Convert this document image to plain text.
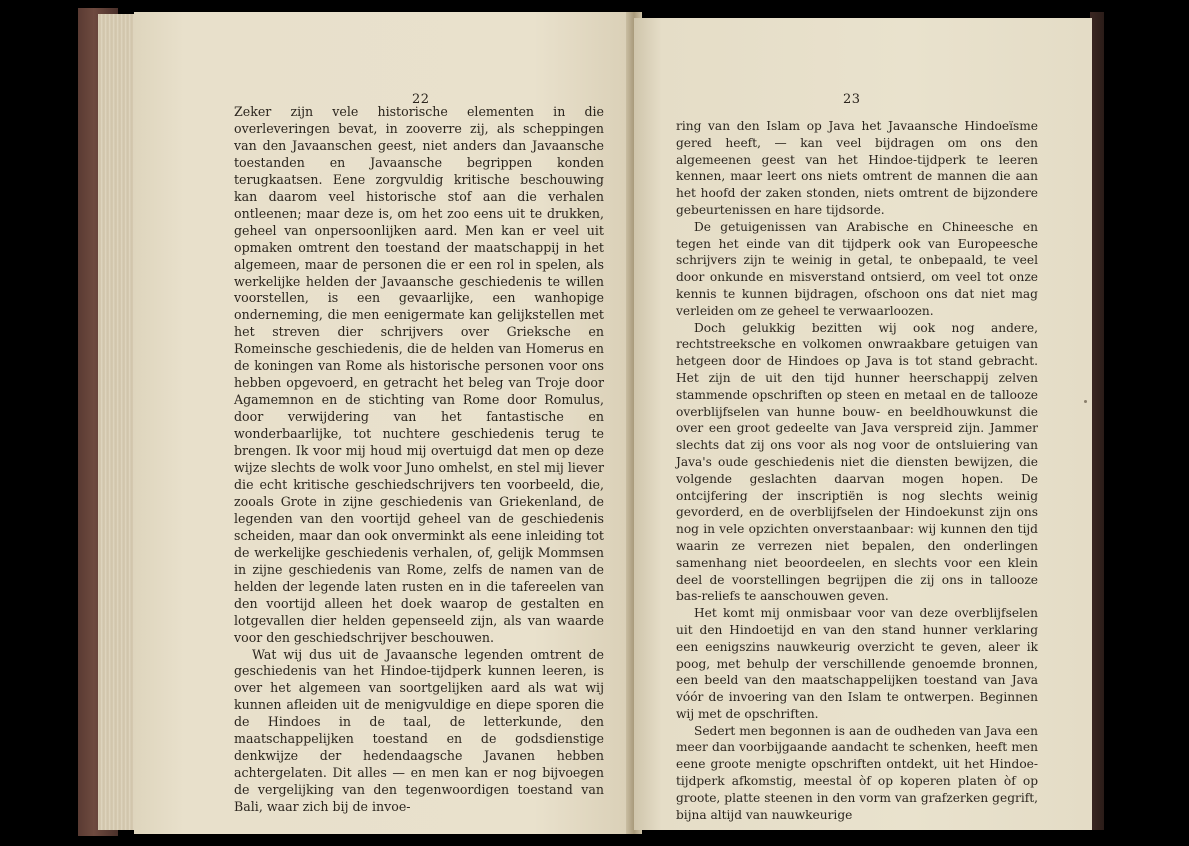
22

Zeker zijn vele historische elementen in die overleveringen bevat, in zooverre zij, als scheppingen van den Javaanschen geest, niet anders dan Javaansche toestanden en Javaansche begrippen konden terugkaatsen. Eene zorgvuldig kritische beschouwing kan daarom veel historische stof aan die verhalen ontleenen; maar deze is, om het zoo eens uit te drukken, geheel van onpersoonlijken aard. Men kan er veel uit opmaken omtrent den toestand der maatschappij in het algemeen, maar de personen die er een rol in spelen, als werkelijke helden der Javaansche geschiedenis te willen voorstellen, is een gevaarlijke, een wanhopige onderneming, die men eenigermate kan gelijkstellen met het streven dier schrijvers over Grieksche en Romeinsche geschiedenis, die de helden van Homerus en de koningen van Rome als historische personen voor ons hebben opgevoerd, en getracht het beleg van Troje door Agamemnon en de stichting van Rome door Romulus, door verwijdering van het fantastische en wonderbaarlijke, tot nuchtere geschiedenis terug te brengen. Ik voor mij houd mij overtuigd dat men op deze wijze slechts de wolk voor Juno omhelst, en stel mij liever die echt kritische geschiedschrijvers ten voorbeeld, die, zooals Grote in zijne geschiedenis van Griekenland, de legenden van den voortijd geheel van de geschiedenis scheiden, maar dan ook onverminkt als eene inleiding tot de werkelijke geschiedenis verhalen, of, gelijk Mommsen in zijne geschiedenis van Rome, zelfs de namen van de helden der legende laten rusten en in die tafereelen van den voortijd alleen het doek waarop de gestalten en lotgevallen dier helden gepenseeld zijn, als van waarde voor den geschiedschrijver beschouwen.

Wat wij dus uit de Javaansche legenden omtrent de geschiedenis van het Hindoe-tijdperk kunnen leeren, is over het algemeen van soortgelijken aard als wat wij kunnen afleiden uit de menigvuldige en diepe sporen die de Hindoes in de taal, de letterkunde, den maatschappelijken toestand en de godsdienstige denkwijze der hedendaagsche Javanen hebben achtergelaten. Dit alles — en men kan er nog bijvoegen de vergelijking van den tegenwoordigen toestand van Bali, waar zich bij de invoe-

23

ring van den Islam op Java het Javaansche Hindoeïsme gered heeft, — kan veel bijdragen om ons den algemeenen geest van het Hindoe-tijdperk te leeren kennen, maar leert ons niets omtrent de mannen die aan het hoofd der zaken stonden, niets omtrent de bijzondere gebeurtenissen en hare tijdsorde.

De getuigenissen van Arabische en Chineesche en tegen het einde van dit tijdperk ook van Europeesche schrijvers zijn te weinig in getal, te onbepaald, te veel door onkunde en misverstand ontsierd, om veel tot onze kennis te kunnen bijdragen, ofschoon ons dat niet mag verleiden om ze geheel te verwaarloozen.

Doch gelukkig bezitten wij ook nog andere, rechtstreeksche en volkomen onwraakbare getuigen van hetgeen door de Hindoes op Java is tot stand gebracht. Het zijn de uit den tijd hunner heerschappij zelven stammende opschriften op steen en metaal en de tallooze overblijfselen van hunne bouw- en beeldhouwkunst die over een groot gedeelte van Java verspreid zijn. Jammer slechts dat zij ons voor als nog voor de ontsluiering van Java's oude geschiedenis niet die diensten bewijzen, die volgende geslachten daarvan mogen hopen. De ontcijfering der inscriptiën is nog slechts weinig gevorderd, en de overblijfselen der Hindoekunst zijn ons nog in vele opzichten onverstaanbaar: wij kunnen den tijd waarin ze verrezen niet bepalen, den onderlingen samenhang niet beoordeelen, en slechts voor een klein deel de voorstellingen begrijpen die zij ons in tallooze bas-reliefs te aanschouwen geven.

Het komt mij onmisbaar voor van deze overblijfselen uit den Hindoetijd en van den stand hunner verklaring een eenigszins nauwkeurig overzicht te geven, aleer ik poog, met behulp der verschillende genoemde bronnen, een beeld van den maatschappelijken toestand van Java vóór de invoering van den Islam te ontwerpen. Beginnen wij met de opschriften.

Sedert men begonnen is aan de oudheden van Java een meer dan voorbijgaande aandacht te schenken, heeft men eene groote menigte opschriften ontdekt, uit het Hindoe-tijdperk afkomstig, meestal òf op koperen platen òf op groote, platte steenen in den vorm van grafzerken gegrift, bijna altijd van nauwkeurige
